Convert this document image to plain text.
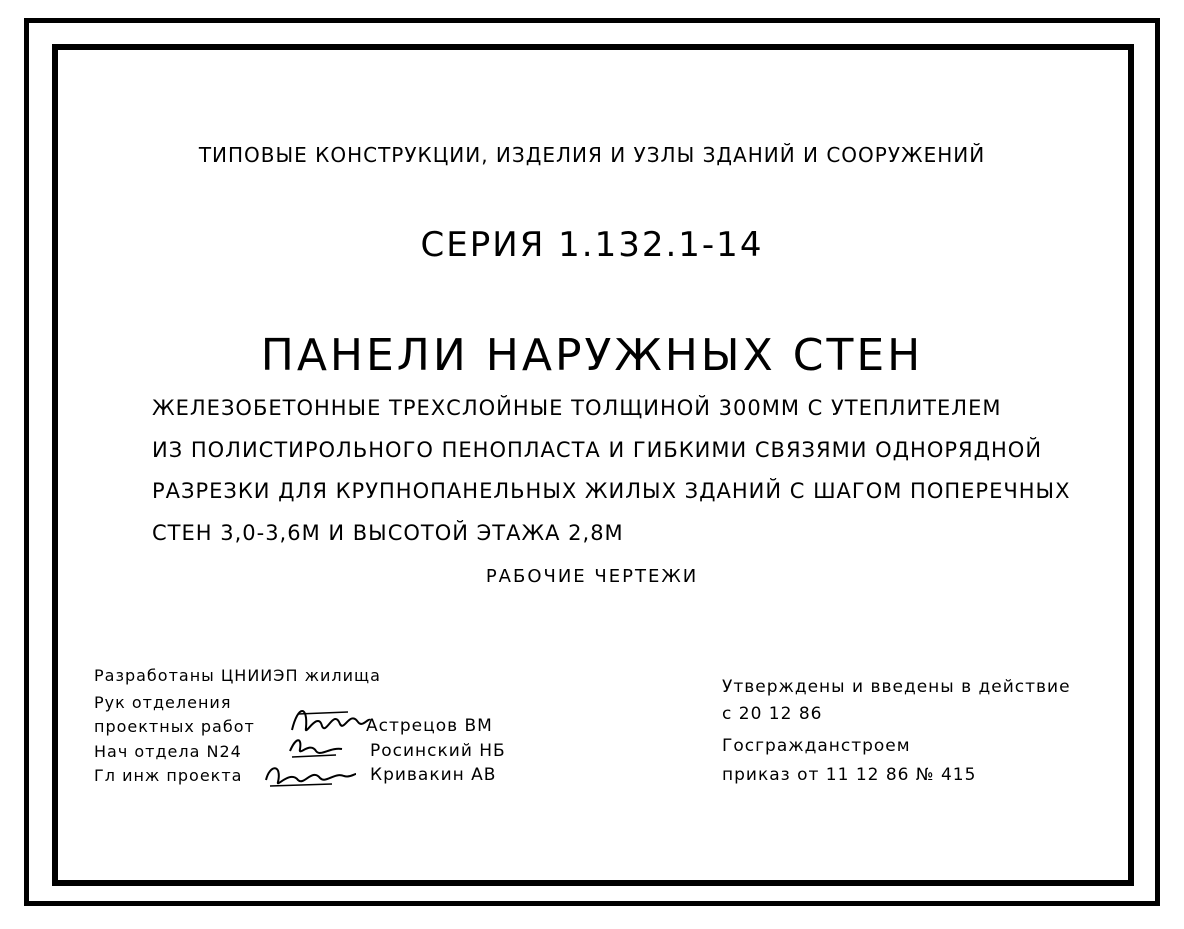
ТИПОВЫЕ КОНСТРУКЦИИ, ИЗДЕЛИЯ И УЗЛЫ ЗДАНИЙ И СООРУЖЕНИЙ
СЕРИЯ 1.132.1-14
ПАНЕЛИ НАРУЖНЫХ СТЕН
ЖЕЛЕЗОБЕТОННЫЕ ТРЕХСЛОЙНЫЕ ТОЛЩИНОЙ 300ММ С УТЕПЛИТЕЛЕМ
ИЗ ПОЛИСТИРОЛЬНОГО ПЕНОПЛАСТА И ГИБКИМИ СВЯЗЯМИ ОДНОРЯДНОЙ
РАЗРЕЗКИ ДЛЯ КРУПНОПАНЕЛЬНЫХ ЖИЛЫХ ЗДАНИЙ С ШАГОМ ПОПЕРЕЧНЫХ
СТЕН 3,0-3,6М И ВЫСОТОЙ ЭТАЖА 2,8М
РАБОЧИЕ ЧЕРТЕЖИ
Разработаны ЦНИИЭП жилища
Рук отделения
проектных работ
Нач отдела N24
Гл инж проекта
Астрецов ВМ
Росинский НБ
Кривакин АВ
Утверждены и введены в действие
с 20 12 86
Госгражданстроем
приказ от 11 12 86 № 415
